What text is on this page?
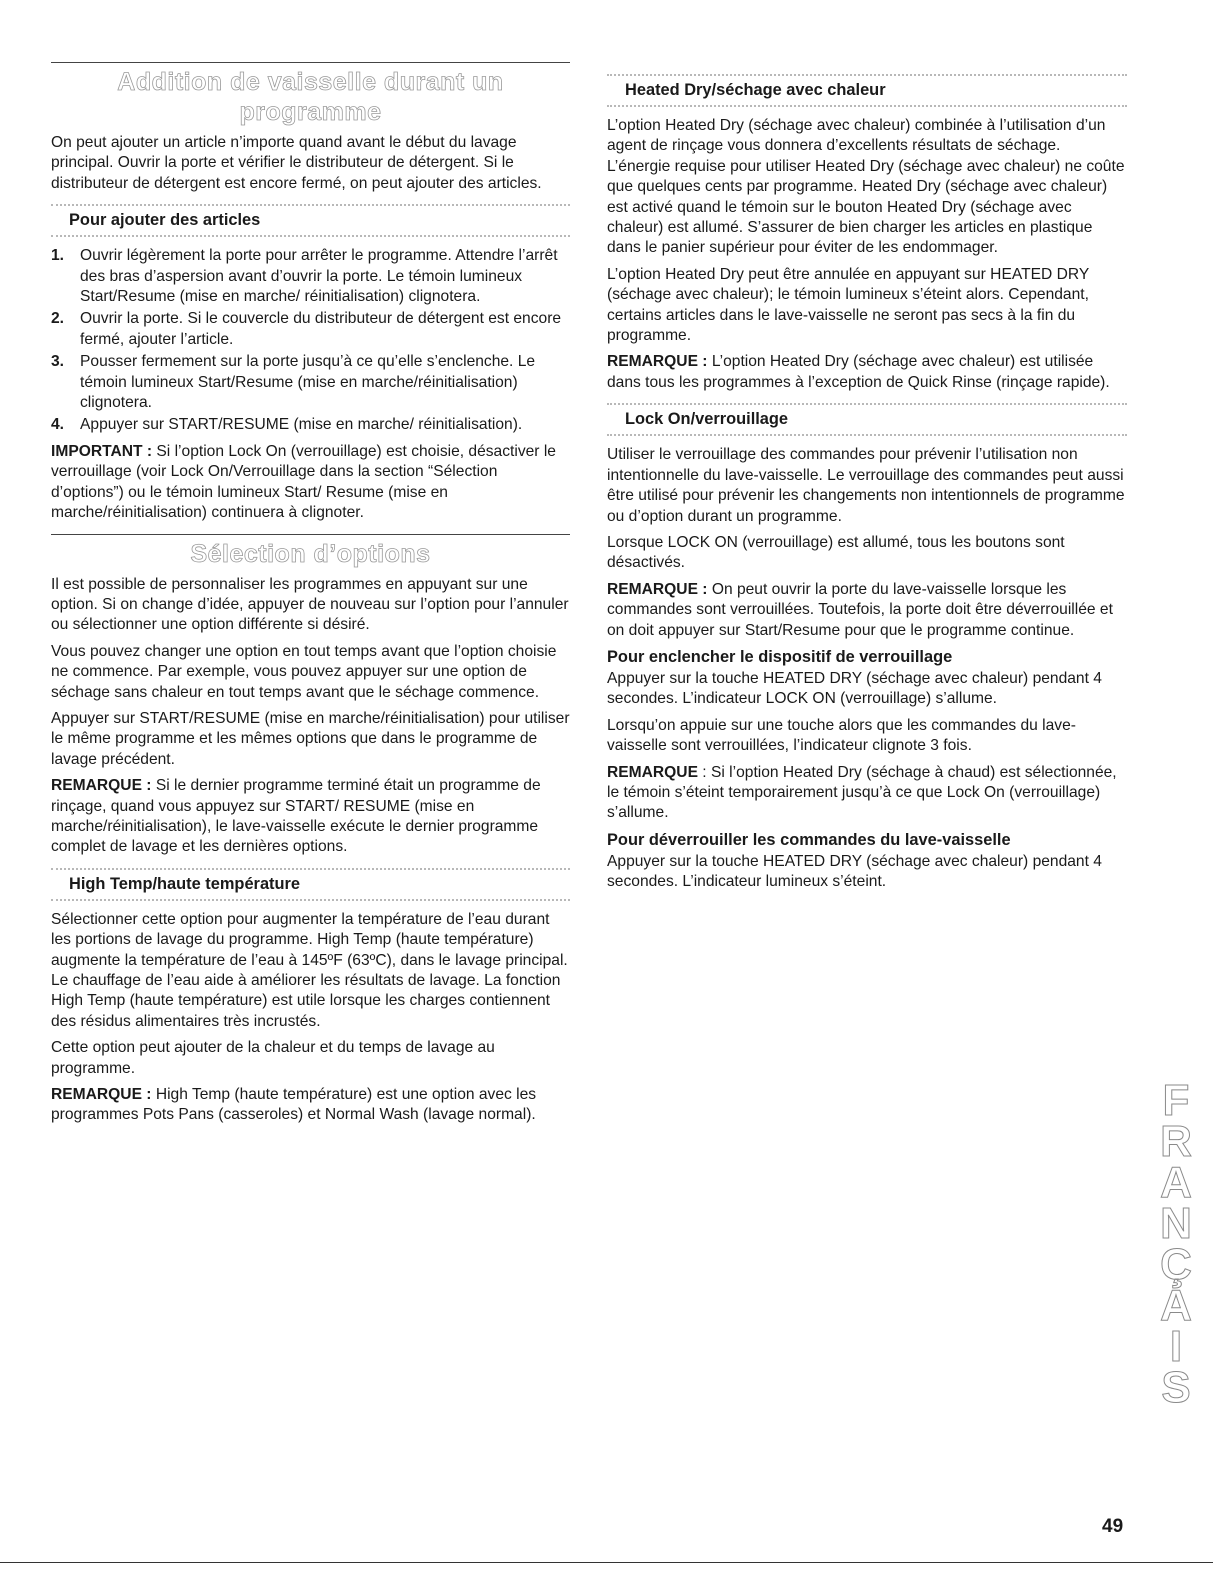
Addition de vaisselle durant un programme

On peut ajouter un article n’importe quand avant le début du lavage principal. Ouvrir la porte et vérifier le distributeur de détergent. Si le distributeur de détergent est encore fermé, on peut ajouter des articles.

Pour ajouter des articles
1. Ouvrir légèrement la porte pour arrêter le programme. Attendre l’arrêt des bras d’aspersion avant d’ouvrir la porte. Le témoin lumineux Start/Resume (mise en marche/ réinitialisation) clignotera.
2. Ouvrir la porte. Si le couvercle du distributeur de détergent est encore fermé, ajouter l’article.
3. Pousser fermement sur la porte jusqu’à ce qu’elle s’enclenche. Le témoin lumineux Start/Resume (mise en marche/réinitialisation) clignotera.
4. Appuyer sur START/RESUME (mise en marche/ réinitialisation).

IMPORTANT : Si l’option Lock On (verrouillage) est choisie, désactiver le verrouillage (voir Lock On/Verrouillage dans la section “Sélection d’options”) ou le témoin lumineux Start/ Resume (mise en marche/réinitialisation) continuera à clignoter.

Sélection d’options

Il est possible de personnaliser les programmes en appuyant sur une option. Si on change d’idée, appuyer de nouveau sur l’option pour l’annuler ou sélectionner une option différente si désiré.

Vous pouvez changer une option en tout temps avant que l’option choisie ne commence. Par exemple, vous pouvez appuyer sur une option de séchage sans chaleur en tout temps avant que le séchage commence.

Appuyer sur START/RESUME (mise en marche/réinitialisation) pour utiliser le même programme et les mêmes options que dans le programme de lavage précédent.

REMARQUE : Si le dernier programme terminé était un programme de rinçage, quand vous appuyez sur START/ RESUME (mise en marche/réinitialisation), le lave-vaisselle exécute le dernier programme complet de lavage et les dernières options.

High Temp/haute température

Sélectionner cette option pour augmenter la température de l’eau durant les portions de lavage du programme. High Temp (haute température) augmente la température de l’eau à 145ºF (63ºC), dans le lavage principal. Le chauffage de l’eau aide à améliorer les résultats de lavage. La fonction High Temp (haute température) est utile lorsque les charges contiennent des résidus alimentaires très incrustés.

Cette option peut ajouter de la chaleur et du temps de lavage au programme.

REMARQUE : High Temp (haute température) est une option avec les programmes Pots Pans (casseroles) et Normal Wash (lavage normal).

Heated Dry/séchage avec chaleur

L’option Heated Dry (séchage avec chaleur) combinée à l’utilisation d’un agent de rinçage vous donnera d’excellents résultats de séchage. L’énergie requise pour utiliser Heated Dry (séchage avec chaleur) ne coûte que quelques cents par programme. Heated Dry (séchage avec chaleur) est activé quand le témoin sur le bouton Heated Dry (séchage avec chaleur) est allumé. S’assurer de bien charger les articles en plastique dans le panier supérieur pour éviter de les endommager.

L’option Heated Dry peut être annulée en appuyant sur HEATED DRY (séchage avec chaleur); le témoin lumineux s’éteint alors. Cependant, certains articles dans le lave-vaisselle ne seront pas secs à la fin du programme.

REMARQUE : L’option Heated Dry (séchage avec chaleur) est utilisée dans tous les programmes à l’exception de Quick Rinse (rinçage rapide).

Lock On/verrouillage

Utiliser le verrouillage des commandes pour prévenir l’utilisation non intentionnelle du lave-vaisselle. Le verrouillage des commandes peut aussi être utilisé pour prévenir les changements non intentionnels de programme ou d’option durant un programme.

Lorsque LOCK ON (verrouillage) est allumé, tous les boutons sont désactivés.

REMARQUE : On peut ouvrir la porte du lave-vaisselle lorsque les commandes sont verrouillées. Toutefois, la porte doit être déverrouillée et on doit appuyer sur Start/Resume pour que le programme continue.

Pour enclencher le dispositif de verrouillage

Appuyer sur la touche HEATED DRY (séchage avec chaleur) pendant 4 secondes. L’indicateur LOCK ON (verrouillage) s’allume.

Lorsqu’on appuie sur une touche alors que les commandes du lave-vaisselle sont verrouillées, l’indicateur clignote 3 fois.

REMARQUE : Si l’option Heated Dry (séchage à chaud) est sélectionnée, le témoin s’éteint temporairement jusqu’à ce que Lock On (verrouillage) s’allume.

Pour déverrouiller les commandes du lave-vaisselle

Appuyer sur la touche HEATED DRY (séchage avec chaleur) pendant 4 secondes. L’indicateur lumineux s’éteint.

F
R
A
N
Ç
A
I
S
49
